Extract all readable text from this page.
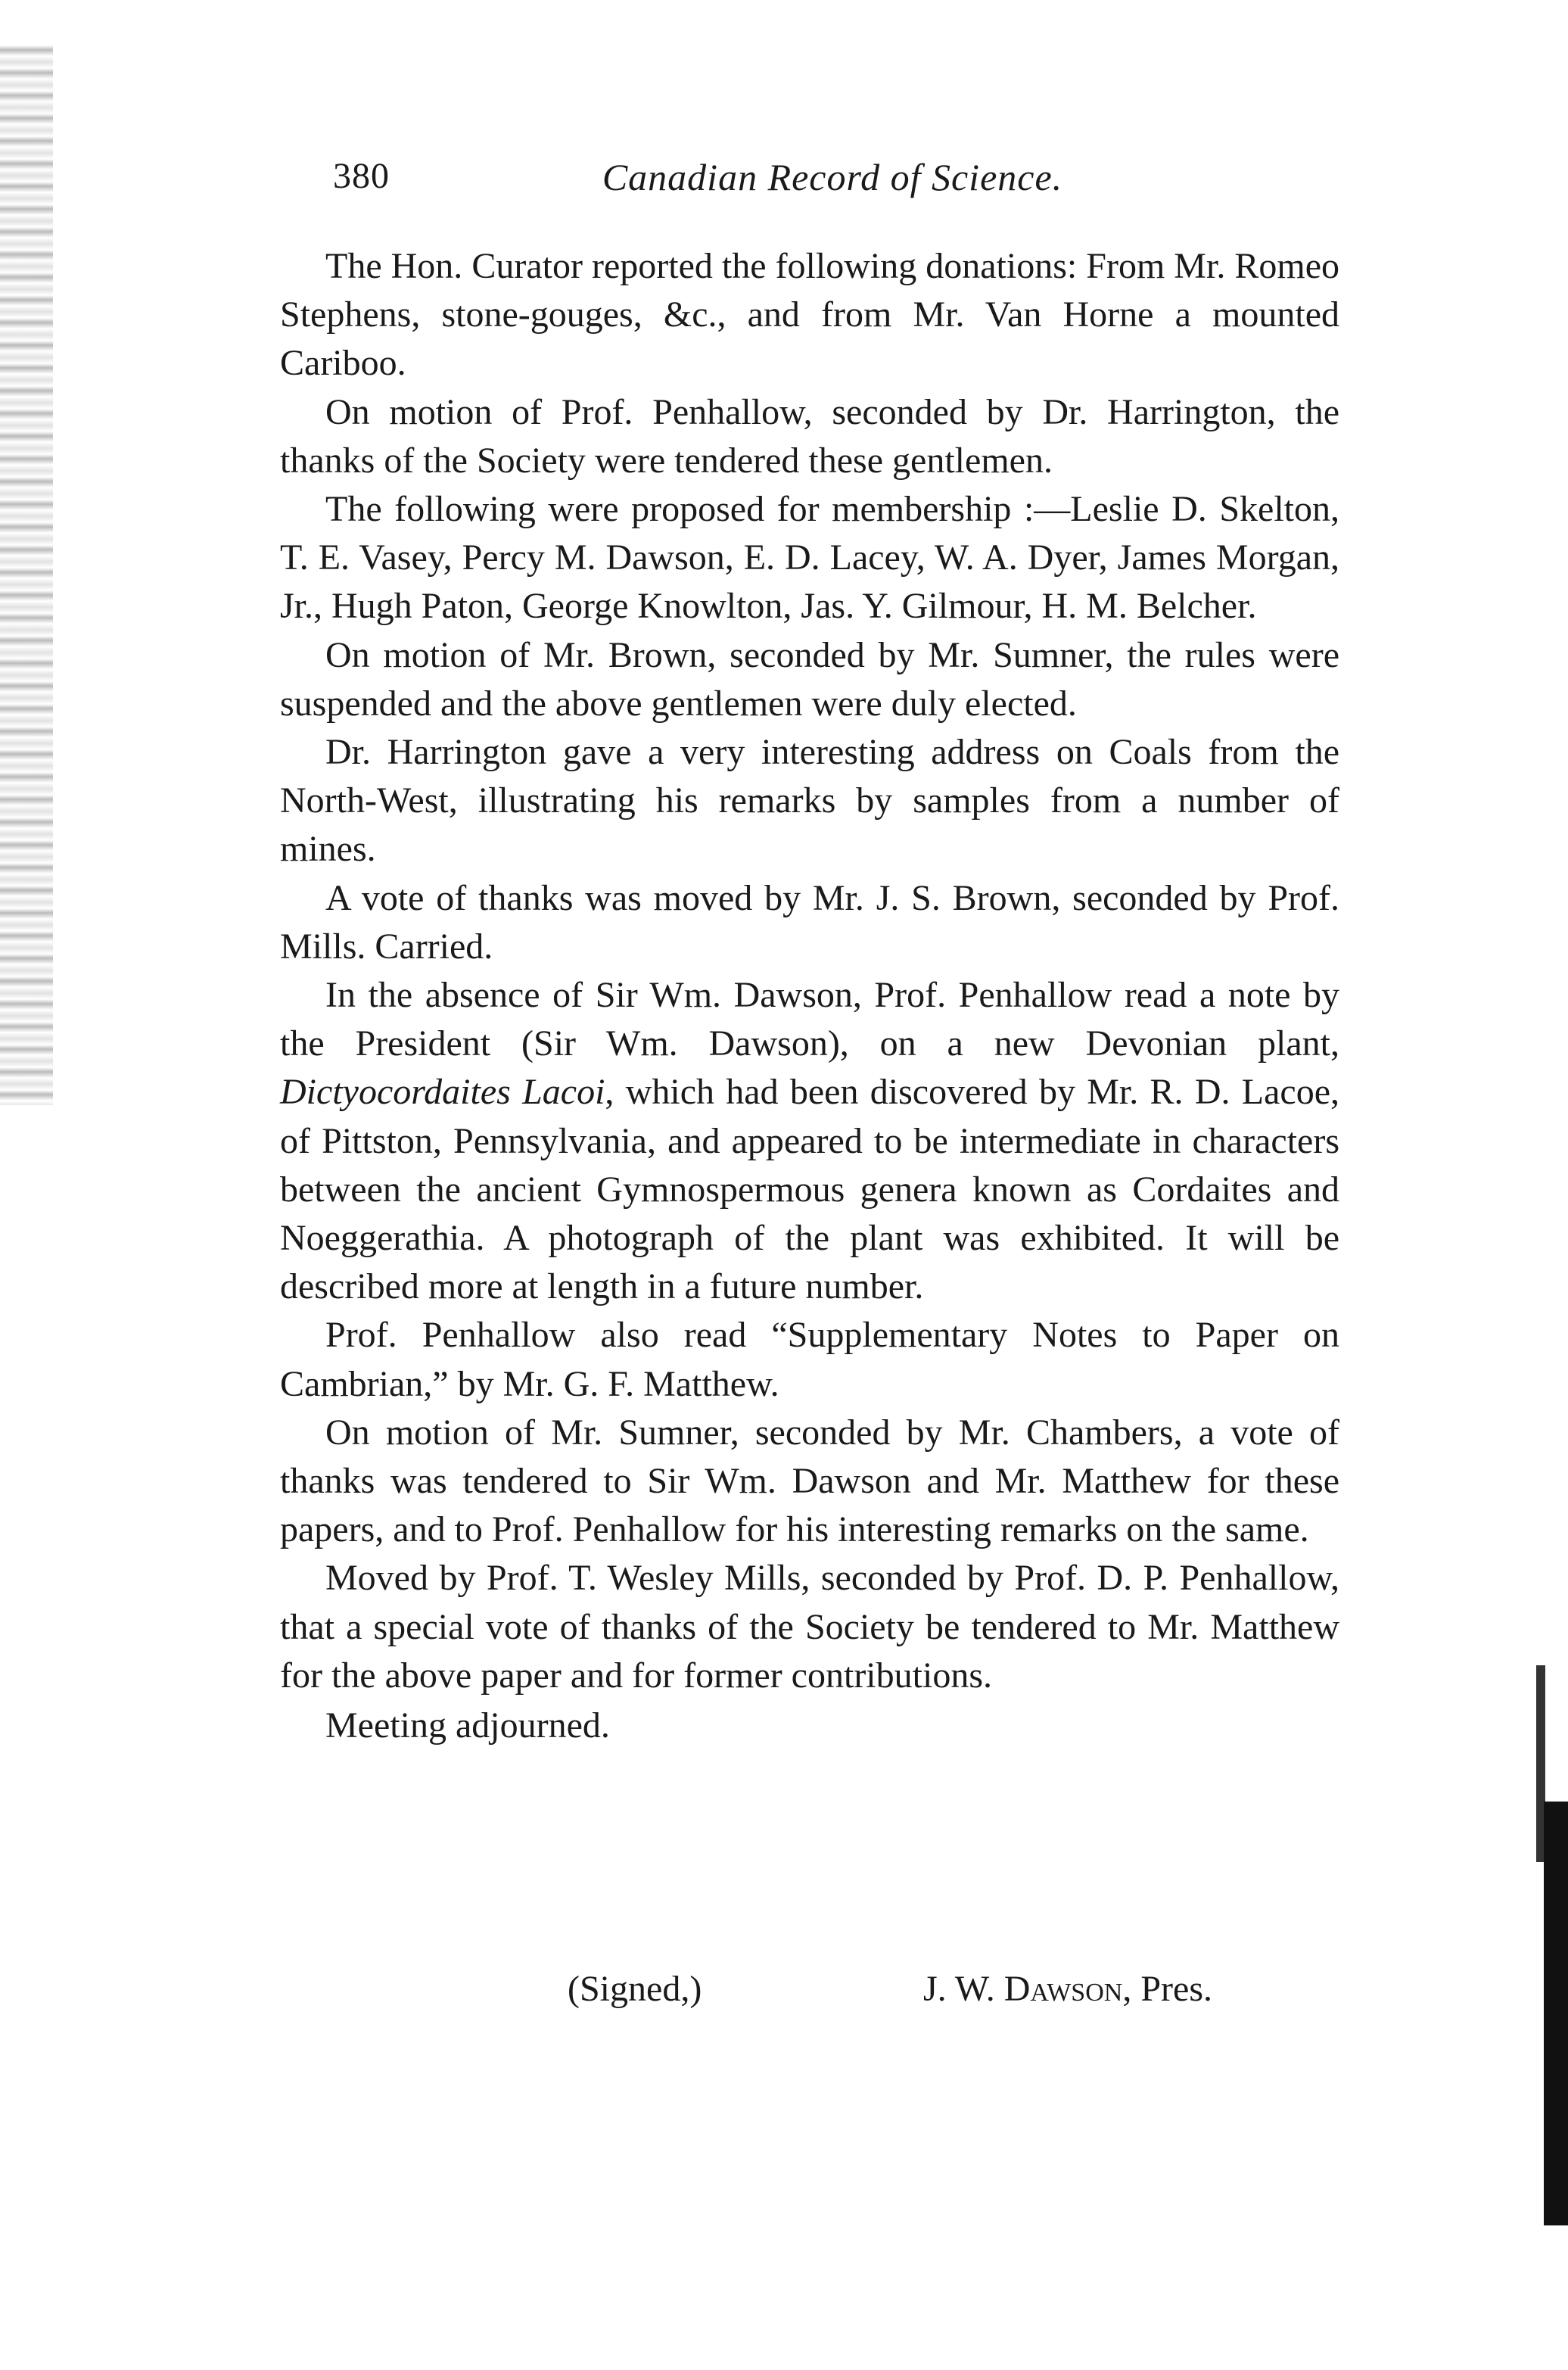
380	Canadian Record of Science.

The Hon. Curator reported the following donations: From Mr. Romeo Stephens, stone-gouges, &c., and from Mr. Van Horne a mounted Cariboo.

On motion of Prof. Penhallow, seconded by Dr. Harrington, the thanks of the Society were tendered these gentlemen.

The following were proposed for membership :—Leslie D. Skelton, T. E. Vasey, Percy M. Dawson, E. D. Lacey, W. A. Dyer, James Morgan, Jr., Hugh Paton, George Knowlton, Jas. Y. Gilmour, H. M. Belcher.

On motion of Mr. Brown, seconded by Mr. Sumner, the rules were suspended and the above gentlemen were duly elected.

Dr. Harrington gave a very interesting address on Coals from the North-West, illustrating his remarks by samples from a number of mines.

A vote of thanks was moved by Mr. J. S. Brown, seconded by Prof. Mills. Carried.

In the absence of Sir Wm. Dawson, Prof. Penhallow read a note by the President (Sir Wm. Dawson), on a new Devonian plant, Dictyocordaites Lacoi, which had been discovered by Mr. R. D. Lacoe, of Pittston, Pennsylvania, and appeared to be intermediate in characters between the ancient Gymnospermous genera known as Cordaites and Noeggerathia. A photograph of the plant was exhibited. It will be described more at length in a future number.

Prof. Penhallow also read “Supplementary Notes to Paper on Cambrian,” by Mr. G. F. Matthew.

On motion of Mr. Sumner, seconded by Mr. Chambers, a vote of thanks was tendered to Sir Wm. Dawson and Mr. Matthew for these papers, and to Prof. Penhallow for his interesting remarks on the same.

Moved by Prof. T. Wesley Mills, seconded by Prof. D. P. Penhallow, that a special vote of thanks of the Society be tendered to Mr. Matthew for the above paper and for former contributions.

Meeting adjourned.

(Signed,)	J. W. Dawson, Pres.
